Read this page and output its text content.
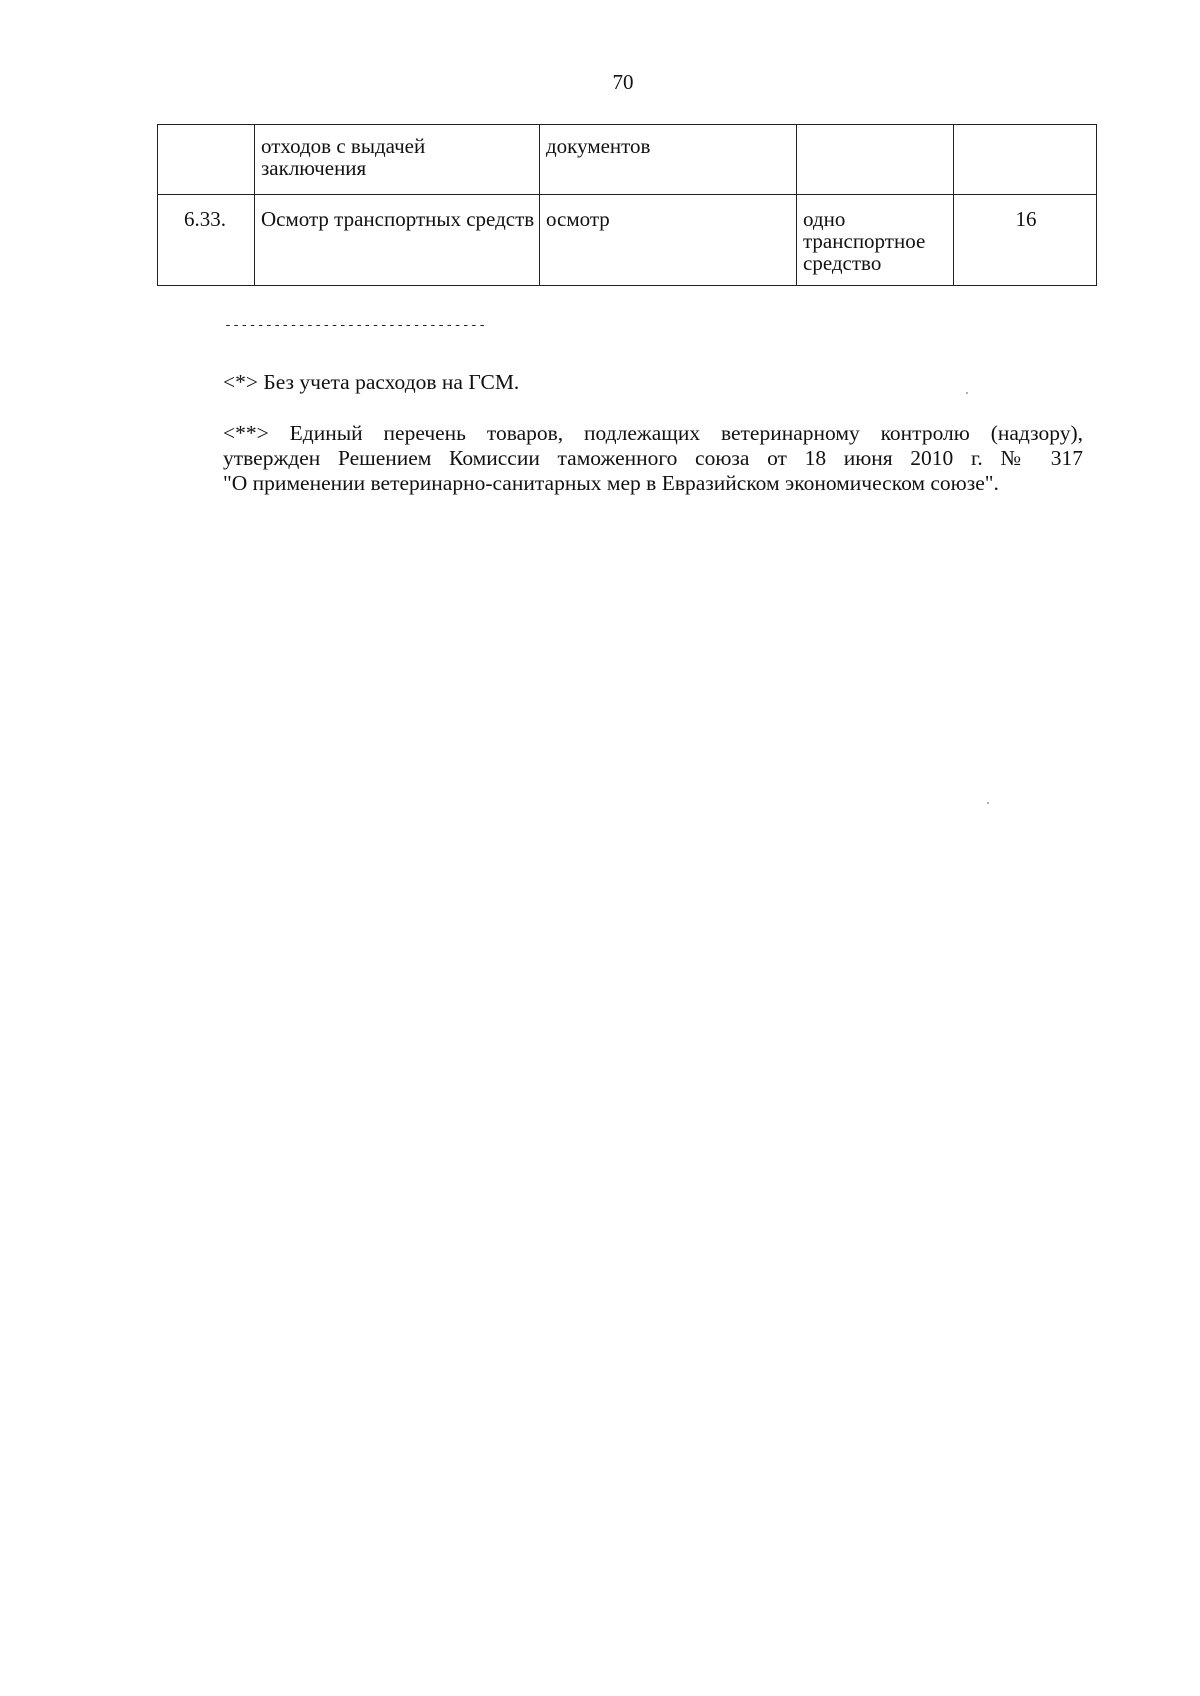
70
	отходов с выдачей заключения	документов		
6.33.	Осмотр транспортных средств	осмотр	одно транспортное средство	16
--------------------------------
<*> Без учета расходов на ГСМ.
<**> Единый перечень товаров, подлежащих ветеринарному контролю (надзору),
утвержден Решением Комиссии таможенного союза от 18 июня 2010 г. № 317
"О применении ветеринарно-санитарных мер в Евразийском экономическом союзе".
